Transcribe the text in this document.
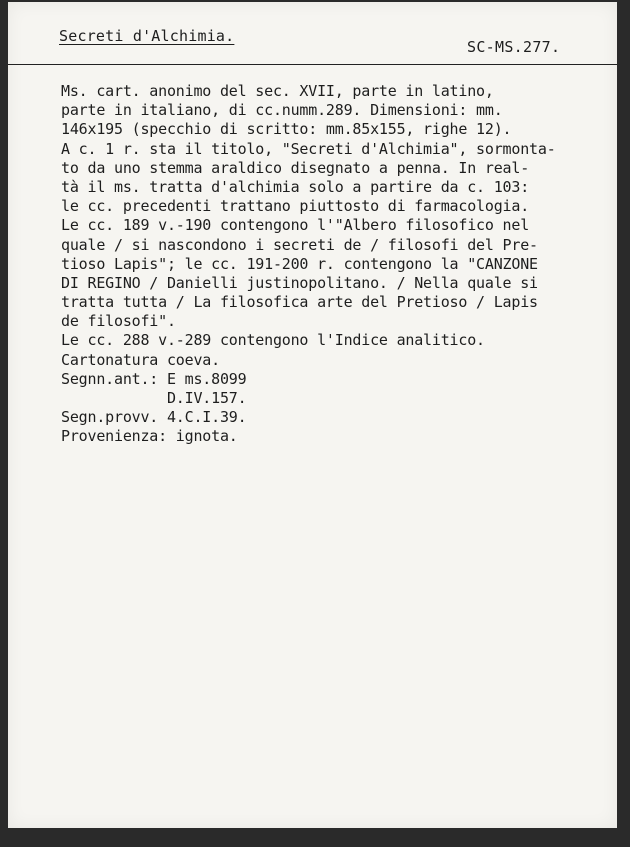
Secreti d'Alchimia.
SC-MS.277.
Ms. cart. anonimo del sec. XVII, parte in latino,
parte in italiano, di cc.numm.289. Dimensioni: mm.
146x195 (specchio di scritto: mm.85x155, righe 12).
A c. 1 r. sta il titolo, "Secreti d'Alchimia", sormonta-
to da uno stemma araldico disegnato a penna. In real-
tà il ms. tratta d'alchimia solo a partire da c. 103:
le cc. precedenti trattano piuttosto di farmacologia.
Le cc. 189 v.-190 contengono l'"Albero filosofico nel
quale / si nascondono i secreti de / filosofi del Pre-
tioso Lapis"; le cc. 191-200 r. contengono la "CANZONE
DI REGINO / Danielli justinopolitano. / Nella quale si
tratta tutta / La filosofica arte del Pretioso / Lapis
de filosofi".
Le cc. 288 v.-289 contengono l'Indice analitico.
Cartonatura coeva.
Segnn.ant.: E ms.8099
D.IV.157.
Segn.provv. 4.C.I.39.
Provenienza: ignota.
